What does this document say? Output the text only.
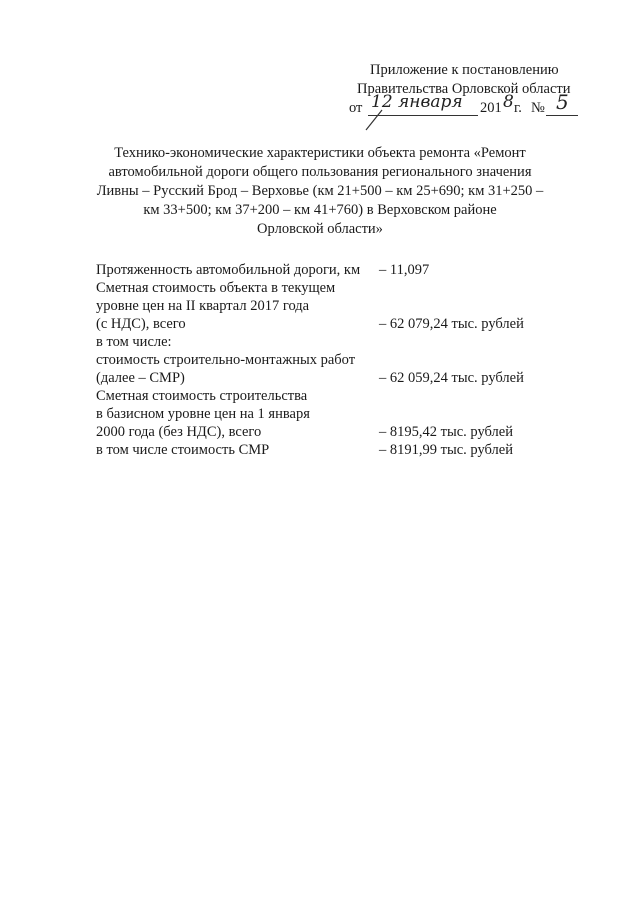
Приложение к постановлению
Правительства Орловской области
от 12 января 201 8 г. № 5
Технико-экономические характеристики объекта ремонта «Ремонт
автомобильной дороги общего пользования регионального значения
Ливны – Русский Брод – Верховье (км 21+500 – км 25+690; км 31+250 –
км 33+500; км 37+200 – км 41+760) в Верховском районе
Орловской области»
Протяженность автомобильной дороги, км – 11,097
Сметная стоимость объекта в текущем
уровне цен на II квартал 2017 года
(с НДС), всего	– 62 079,24 тыс. рублей
в том числе:
стоимость строительно-монтажных работ
(далее – СМР)	– 62 059,24 тыс. рублей
Сметная стоимость строительства
в базисном уровне цен на 1 января
2000 года (без НДС), всего	– 8195,42 тыс. рублей
в том числе стоимость СМР	– 8191,99 тыс. рублей
